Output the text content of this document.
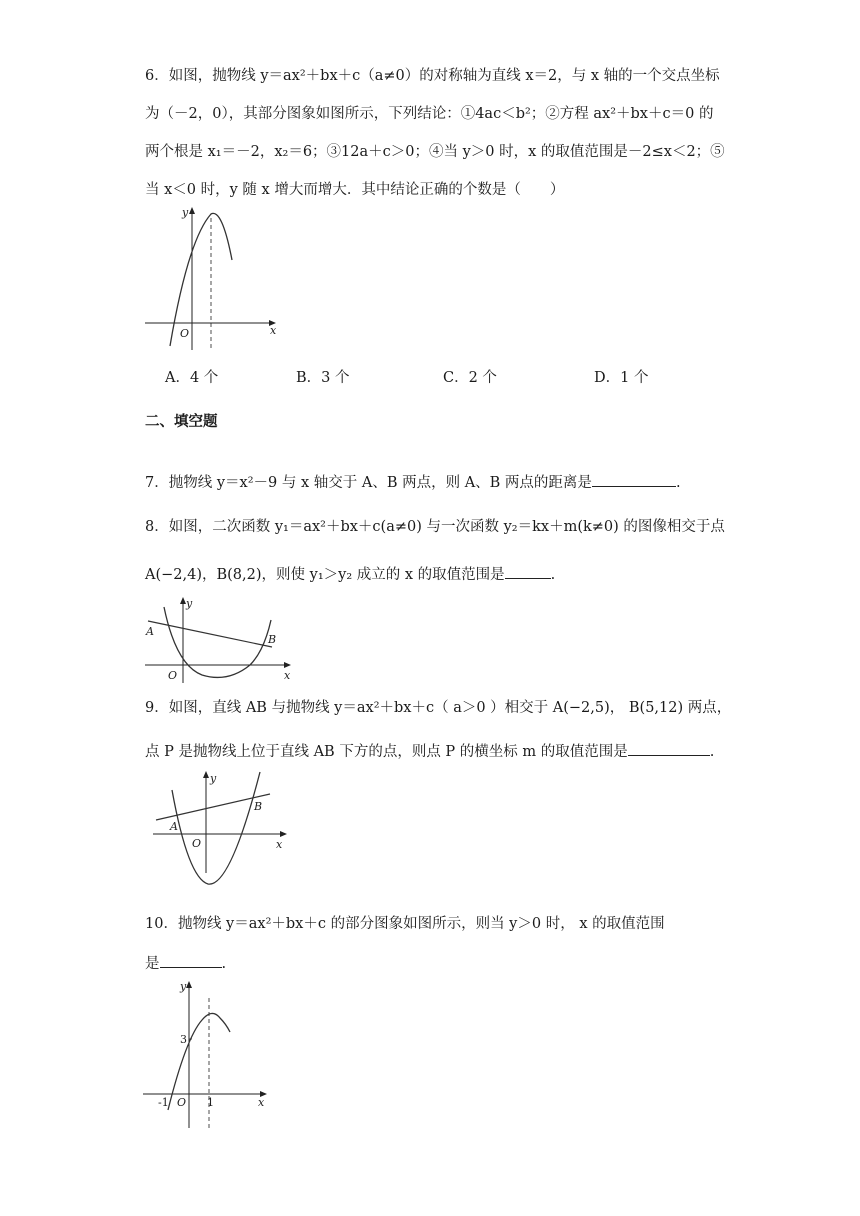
6．如图，抛物线 y＝ax²＋bx＋c（a≠0）的对称轴为直线 x＝2，与 x 轴的一个交点坐标
为（－2，0），其部分图象如图所示，下列结论：①4ac＜b²；②方程 ax²＋bx＋c＝0 的
两个根是 x₁＝－2，x₂＝6；③12a＋c＞0；④当 y＞0 时，x 的取值范围是－2≤x＜2；⑤
当 x＜0 时，y 随 x 增大而增大．其中结论正确的个数是（　　）
y
x
O
A．4 个	B．3 个	C．2 个	D．1 个
二、填空题
7．抛物线 y＝x²－9 与 x 轴交于 A、B 两点，则 A、B 两点的距离是	.
8．如图，二次函数 y₁＝ax²＋bx＋c(a≠0) 与一次函数 y₂＝kx＋m(k≠0) 的图像相交于点
A(−2,4)，B(8,2)，则使 y₁＞y₂ 成立的 x 的取值范围是	.
y
x
O
A
B
9．如图，直线 AB 与抛物线 y＝ax²＋bx＋c（ a＞0 ）相交于 A(−2,5)， B(5,12) 两点，
点 P 是抛物线上位于直线 AB 下方的点，则点 P 的横坐标 m 的取值范围是	.
y
x
O
A
B
10．抛物线 y＝ax²＋bx＋c 的部分图象如图所示，则当 y＞0 时， x 的取值范围
是	.
y
x
O
3
-1	1
